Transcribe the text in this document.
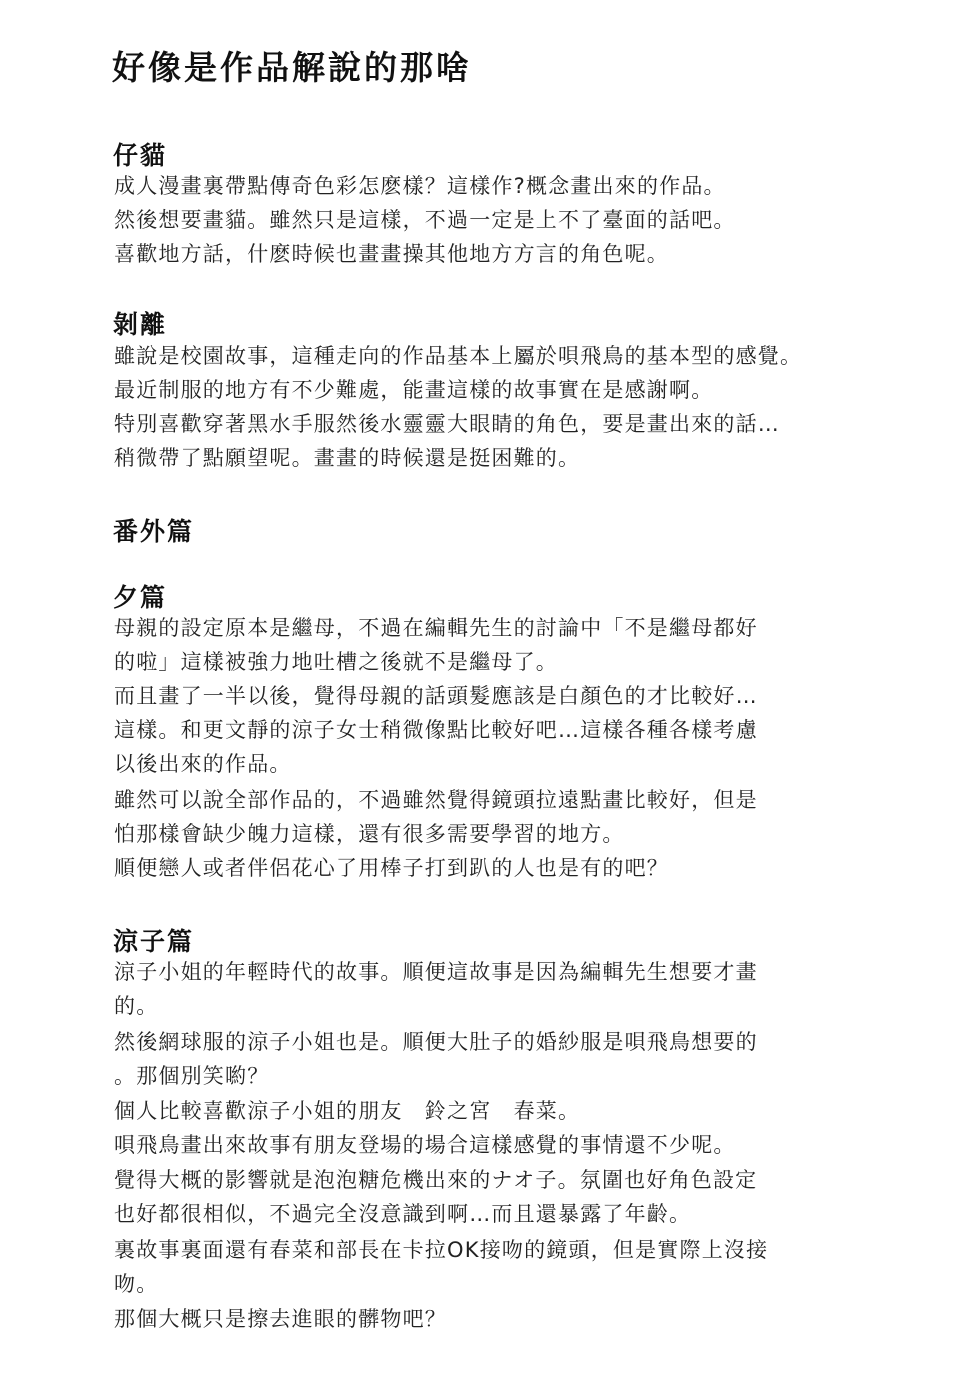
好像是作品解說的那啥
仔貓
成人漫畫裏帶點傳奇色彩怎麽樣？這樣作?概念畫出來的作品。
然後想要畫貓。雖然只是這樣，不過一定是上不了臺面的話吧。
喜歡地方話，什麽時候也畫畫操其他地方方言的角色呢。
剝離
雖說是校園故事，這種走向的作品基本上屬於唄飛鳥的基本型的感覺。
最近制服的地方有不少難處，能畫這樣的故事實在是感謝啊。
特別喜歡穿著黑水手服然後水靈靈大眼睛的角色，要是畫出來的話…
稍微帶了點願望呢。畫畫的時候還是挺困難的。
番外篇
夕篇
母親的設定原本是繼母，不過在編輯先生的討論中「不是繼母都好
的啦」這樣被強力地吐槽之後就不是繼母了。
而且畫了一半以後，覺得母親的話頭髮應該是白顏色的才比較好…
這樣。和更文靜的涼子女士稍微像點比較好吧…這樣各種各樣考慮
以後出來的作品。
雖然可以說全部作品的，不過雖然覺得鏡頭拉遠點畫比較好，但是
怕那樣會缺少魄力這樣，還有很多需要學習的地方。
順便戀人或者伴侶花心了用棒子打到趴的人也是有的吧？
涼子篇
涼子小姐的年輕時代的故事。順便這故事是因為編輯先生想要才畫
的。
然後網球服的涼子小姐也是。順便大肚子的婚紗服是唄飛鳥想要的
。那個別笑喲？
個人比較喜歡涼子小姐的朋友　鈴之宮　春菜。
唄飛鳥畫出來故事有朋友登場的場合這樣感覺的事情還不少呢。
覺得大概的影響就是泡泡糖危機出來的ナオ子。氛圍也好角色設定
也好都很相似，不過完全沒意識到啊…而且還暴露了年齡。
裏故事裏面還有春菜和部長在卡拉OK接吻的鏡頭，但是實際上沒接
吻。
那個大概只是擦去進眼的髒物吧？
